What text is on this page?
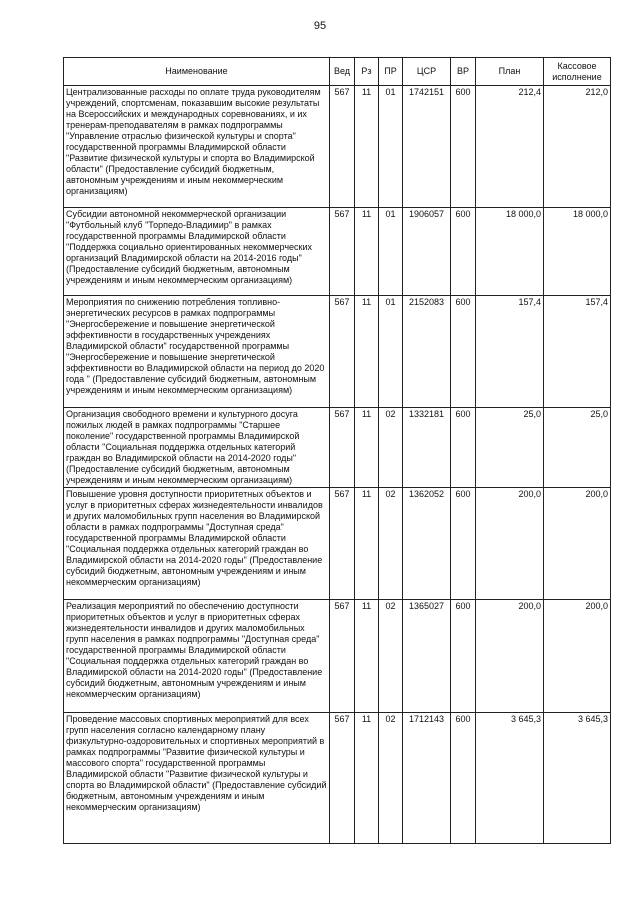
95
Наименование	Вед	Рз	ПР	ЦСР	ВР	План	Кассовое исполнение
Централизованные расходы по оплате труда руководителям учреждений, спортсменам, показавшим высокие результаты на Всероссийских и международных соревнованиях, и их тренерам-преподавателям в рамках подпрограммы "Управление отраслью физической культуры и спорта" государственной программы Владимирской области "Развитие физической культуры и спорта во Владимирской области" (Предоставление субсидий бюджетным, автономным учреждениям и иным некоммерческим организациям)	567	11	01	1742151	600	212,4	212,0
Субсидии автономной некоммерческой организации "Футбольный клуб "Торпедо-Владимир" в рамках государственной программы Владимирской области "Поддержка социально ориентированных некоммерческих организаций Владимирской области на 2014-2016 годы" (Предоставление субсидий бюджетным, автономным учреждениям и иным некоммерческим организациям)	567	11	01	1906057	600	18 000,0	18 000,0
Мероприятия по снижению потребления топливно-энергетических ресурсов в рамках подпрограммы "Энергосбережение и повышение энергетической эффективности в государственных учреждениях Владимирской области" государственной программы "Энергосбережение и повышение энергетической эффективности во Владимирской области на период до 2020 года " (Предоставление субсидий бюджетным, автономным учреждениям и иным некоммерческим организациям)	567	11	01	2152083	600	157,4	157,4
Организация свободного времени и культурного досуга пожилых людей в рамках подпрограммы "Старшее поколение" государственной программы Владимирской области "Социальная поддержка отдельных категорий граждан во Владимирской области на 2014-2020 годы" (Предоставление субсидий бюджетным, автономным учреждениям и иным некоммерческим организациям)	567	11	02	1332181	600	25,0	25,0
Повышение уровня доступности приоритетных объектов и услуг в приоритетных сферах жизнедеятельности инвалидов и других маломобильных групп населения во Владимирской области в рамках подпрограммы "Доступная среда" государственной программы Владимирской области "Социальная поддержка отдельных категорий граждан во Владимирской области на 2014-2020 годы" (Предоставление субсидий бюджетным, автономным учреждениям и иным некоммерческим организациям)	567	11	02	1362052	600	200,0	200,0
Реализация мероприятий по обеспечению доступности приоритетных объектов и услуг в приоритетных сферах жизнедеятельности инвалидов и других маломобильных групп населения в рамках подпрограммы "Доступная среда" государственной программы Владимирской области "Социальная поддержка отдельных категорий граждан во Владимирской области на 2014-2020 годы" (Предоставление субсидий бюджетным, автономным учреждениям и иным некоммерческим организациям)	567	11	02	1365027	600	200,0	200,0
Проведение массовых спортивных мероприятий для всех групп населения согласно календарному плану физкультурно-оздоровительных и спортивных мероприятий в рамках подпрограммы "Развитие физической культуры и массового спорта" государственной программы Владимирской области "Развитие физической культуры и спорта во Владимирской области" (Предоставление субсидий бюджетным, автономным учреждениям и иным некоммерческим организациям)	567	11	02	1712143	600	3 645,3	3 645,3
